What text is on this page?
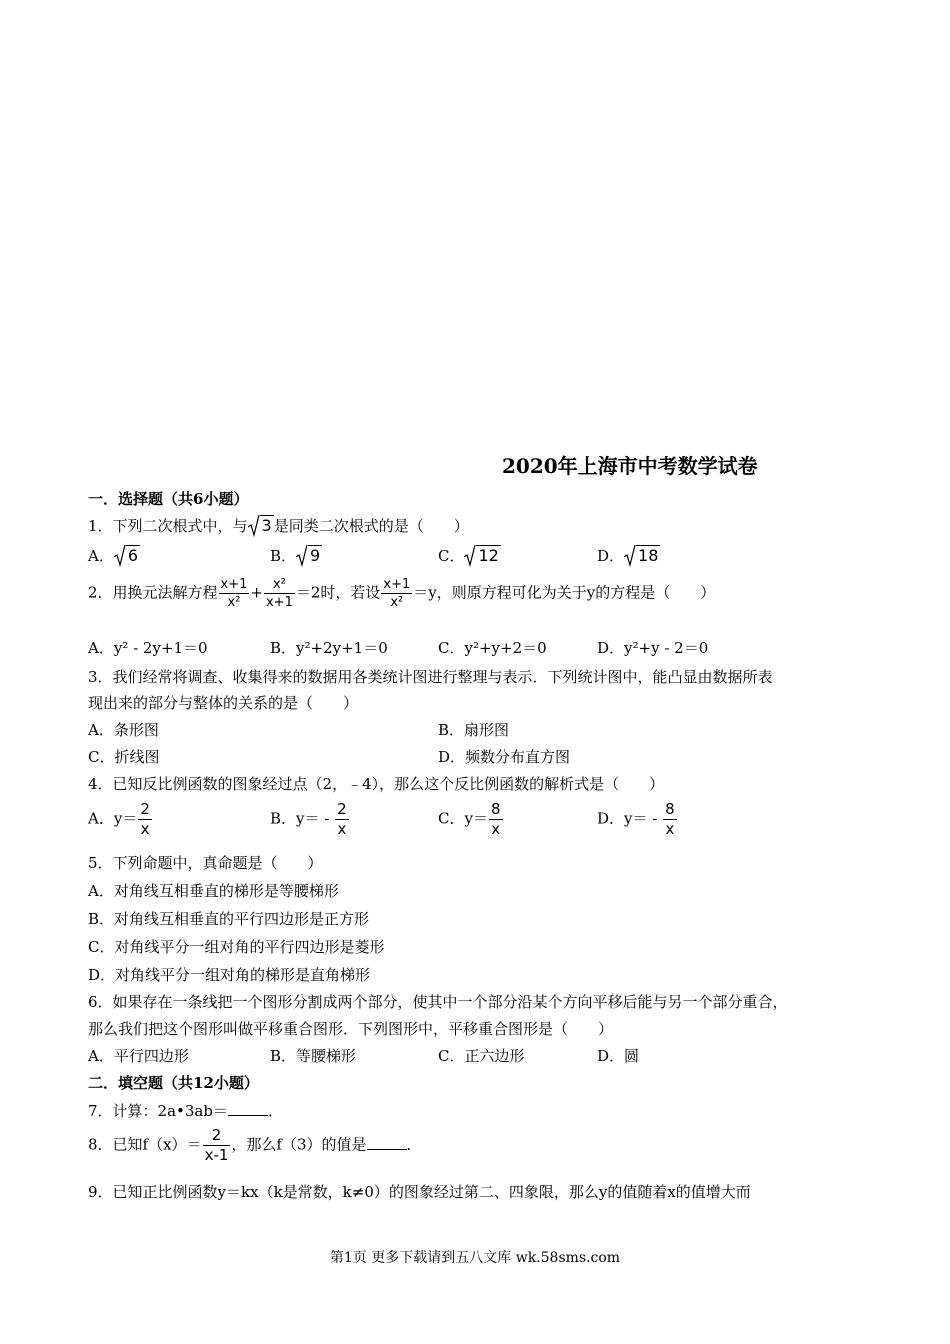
2020年上海市中考数学试卷
一．选择题（共6小题）
1．下列二次根式中，与 3 是同类二次根式的是（　　）
A． 6	B． 9	C． 12	D． 18
2．用换元法解方程 $\frac{x+1}{\text{x²}} + \frac{\text{x²}}{x+1} =2$时，若设 $\frac{x+1}{\text{x²}} =y$，则原方程可化为关于y的方程是（　　）
A．y² - 2y+1＝0	B．y²+2y+1＝0	C．y²+y+2＝0	D．y²+y - 2＝0
3．我们经常将调查、收集得来的数据用各类统计图进行整理与表示．下列统计图中，能凸显由数据所表
现出来的部分与整体的关系的是（　　）
A．条形图	B．扇形图
C．折线图	D．频数分布直方图
4．已知反比例函数的图象经过点（2，﹣4），那么这个反比例函数的解析式是（　　）
A．$y= \frac{2}{x}$	B．$y= - \frac{2}{x}$	C．$y= \frac{8}{x}$	D．$y= - \frac{8}{x}$
5．下列命题中，真命题是（　　）
A．对角线互相垂直的梯形是等腰梯形
B．对角线互相垂直的平行四边形是正方形
C．对角线平分一组对角的平行四边形是菱形
D．对角线平分一组对角的梯形是直角梯形
6．如果存在一条线把一个图形分割成两个部分，使其中一个部分沿某个方向平移后能与另一个部分重合，
那么我们把这个图形叫做平移重合图形．下列图形中，平移重合图形是（　　）
A．平行四边形	B．等腰梯形	C．正六边形	D．圆
二．填空题（共12小题）
7．计算：2a•3ab＝	．
8．已知$f(x)= \frac{2}{x-1}$ ，那么f（3）的值是	．
9．已知正比例函数y＝kx（k是常数，k≠0）的图象经过第二、四象限，那么y的值随着x的值增大而
第1页 更多下载请到五八文库 wk.58sms.com
